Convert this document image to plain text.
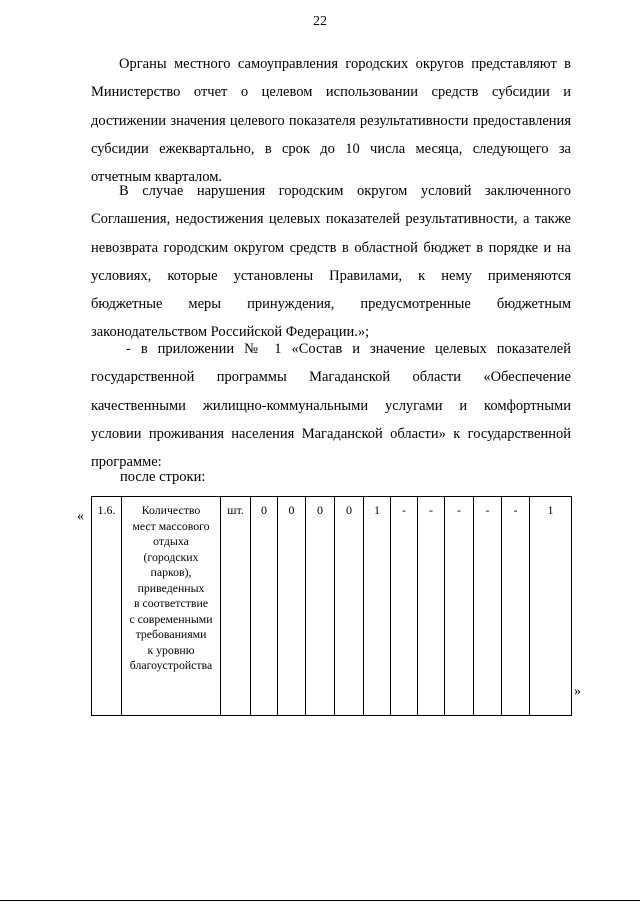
22

Органы местного самоуправления городских округов представляют в Министерство отчет о целевом использовании средств субсидии и достижении значения целевого показателя результативности предоставления субсидии ежеквартально, в срок до 10 числа месяца, следующего за отчетным кварталом.

В случае нарушения городским округом условий заключенного Соглашения, недостижения целевых показателей результативности, а также невозврата городским округом средств в областной бюджет в порядке и на условиях, которые установлены Правилами, к нему применяются бюджетные меры принуждения, предусмотренные бюджетным законодательством Российской Федерации.»;

- в приложении № 1 «Состав и значение целевых показателей государственной программы Магаданской области «Обеспечение качественными жилищно-коммунальными услугами и комфортными условии проживания населения Магаданской области» к государственной программе:

после строки:
« 1.6.	Количество
мест массового
отдыха
(городских
парков),
приведенных
в соответствие
с современными
требованиями
к уровню
благоустройства
	шт.	0	0	0	0	1	-	-	-	-	-	1
»
